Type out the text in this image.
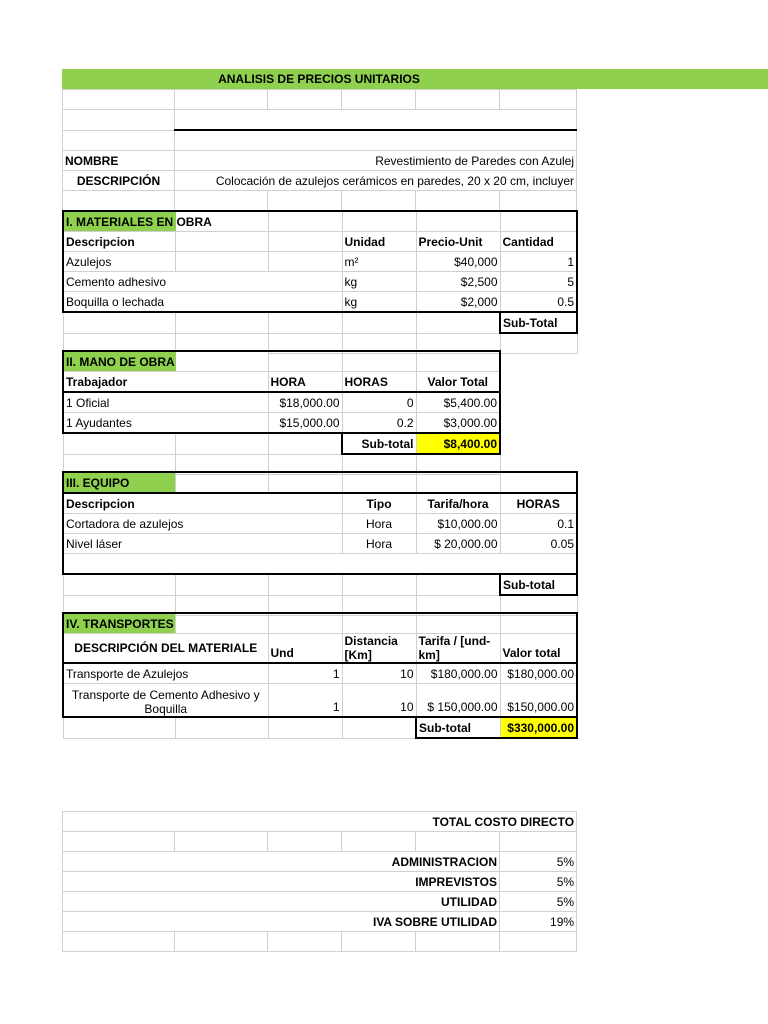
ANALISIS DE PRECIOS UNITARIOS

NOMBRE	Revestimiento de Paredes con Azulej				
DESCRIPCIÓN	Colocación de azulejos cerámicos en paredes, 20 x 20 cm, incluyer				

I. MATERIALES EN OBRA					
Descripcion			Unidad	Precio-Unit	Cantidad
Azulejos			m²	$40,000	1
Cemento adhesivo			kg	$2,500	5
Boquilla o lechada			kg	$2,000	0.5
					Sub-Total

II. MANO DE OBRA				
Trabajador		HORA	HORAS	Valor Total
1 Oficial		$18,000.00	0	$5,400.00
1 Ayudantes		$15,000.00	0.2	$3,000.00
			Sub-total	$8,400.00

III. EQUIPO					
Descripcion			Tipo	Tarifa/hora	HORAS
Cortadora de azulejos			Hora	$10,000.00	0.1
Nivel láser			Hora	$ 20,000.00	0.05

					Sub-total

IV. TRANSPORTES					
DESCRIPCIÓN DEL MATERIALE		Und	Distancia [Km]	Tarifa / [und-km]	Valor total
Transporte de Azulejos		1	10	$180,000.00	$180,000.00
Transporte de Cemento Adhesivo y Boquilla		1	10	$ 150,000.00	$150,000.00
				Sub-total	$330,000.00
TOTAL COSTO DIRECTO					

ADMINISTRACION					5%
IMPREVISTOS					5%
UTILIDAD					5%
IVA SOBRE UTILIDAD					19%
